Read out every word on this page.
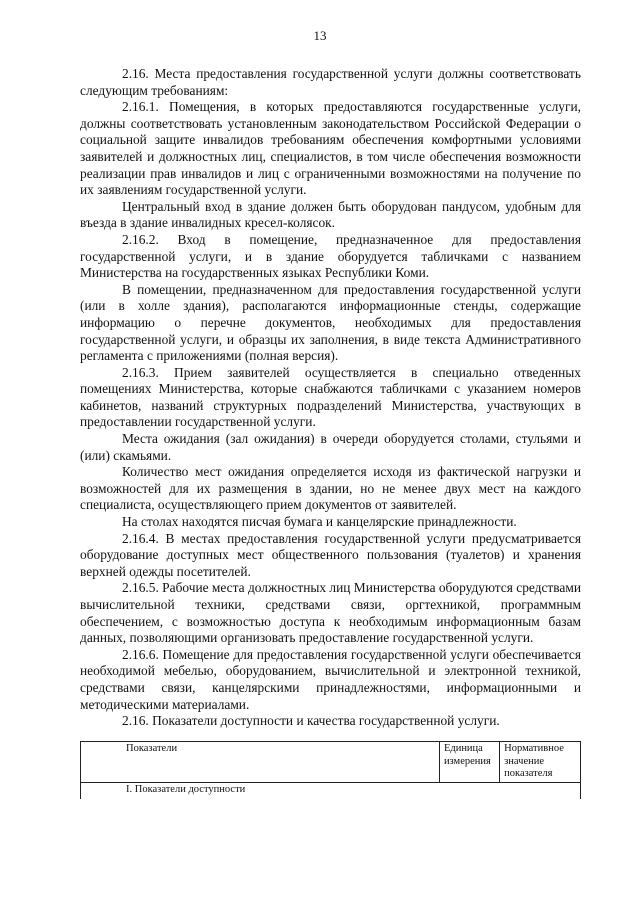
13

2.16. Места предоставления государственной услуги должны соответствовать следующим требованиям:

2.16.1. Помещения, в которых предоставляются государственные услуги, должны соответствовать установленным законодательством Российской Федерации о социальной защите инвалидов требованиям обеспечения комфортными условиями заявителей и должностных лиц, специалистов, в том числе обеспечения возможности реализации прав инвалидов и лиц с ограниченными возможностями на получение по их заявлениям государственной услуги.

Центральный вход в здание должен быть оборудован пандусом, удобным для въезда в здание инвалидных кресел-колясок.

2.16.2. Вход в помещение, предназначенное для предоставления государственной услуги, и в здание оборудуется табличками с названием Министерства на государственных языках Республики Коми.

В помещении, предназначенном для предоставления государственной услуги (или в холле здания), располагаются информационные стенды, содержащие информацию о перечне документов, необходимых для предоставления государственной услуги, и образцы их заполнения, в виде текста Административного регламента с приложениями (полная версия).

2.16.3. Прием заявителей осуществляется в специально отведенных помещениях Министерства, которые снабжаются табличками с указанием номеров кабинетов, названий структурных подразделений Министерства, участвующих в предоставлении государственной услуги.

Места ожидания (зал ожидания) в очереди оборудуется столами, стульями и (или) скамьями.

Количество мест ожидания определяется исходя из фактической нагрузки и возможностей для их размещения в здании, но не менее двух мест на каждого специалиста, осуществляющего прием документов от заявителей.

На столах находятся писчая бумага и канцелярские принадлежности.

2.16.4. В местах предоставления государственной услуги предусматривается оборудование доступных мест общественного пользования (туалетов) и хранения верхней одежды посетителей.

2.16.5. Рабочие места должностных лиц Министерства оборудуются средствами вычислительной техники, средствами связи, оргтехникой, программным обеспечением, с возможностью доступа к необходимым информационным базам данных, позволяющими организовать предоставление государственной услуги.

2.16.6. Помещение для предоставления государственной услуги обеспечивается необходимой мебелью, оборудованием, вычислительной и электронной техникой, средствами связи, канцелярскими принадлежностями, информационными и методическими материалами.

2.16. Показатели доступности и качества государственной услуги.

Показатели	Единица измерения	Нормативное значение показателя
I. Показатели доступности
